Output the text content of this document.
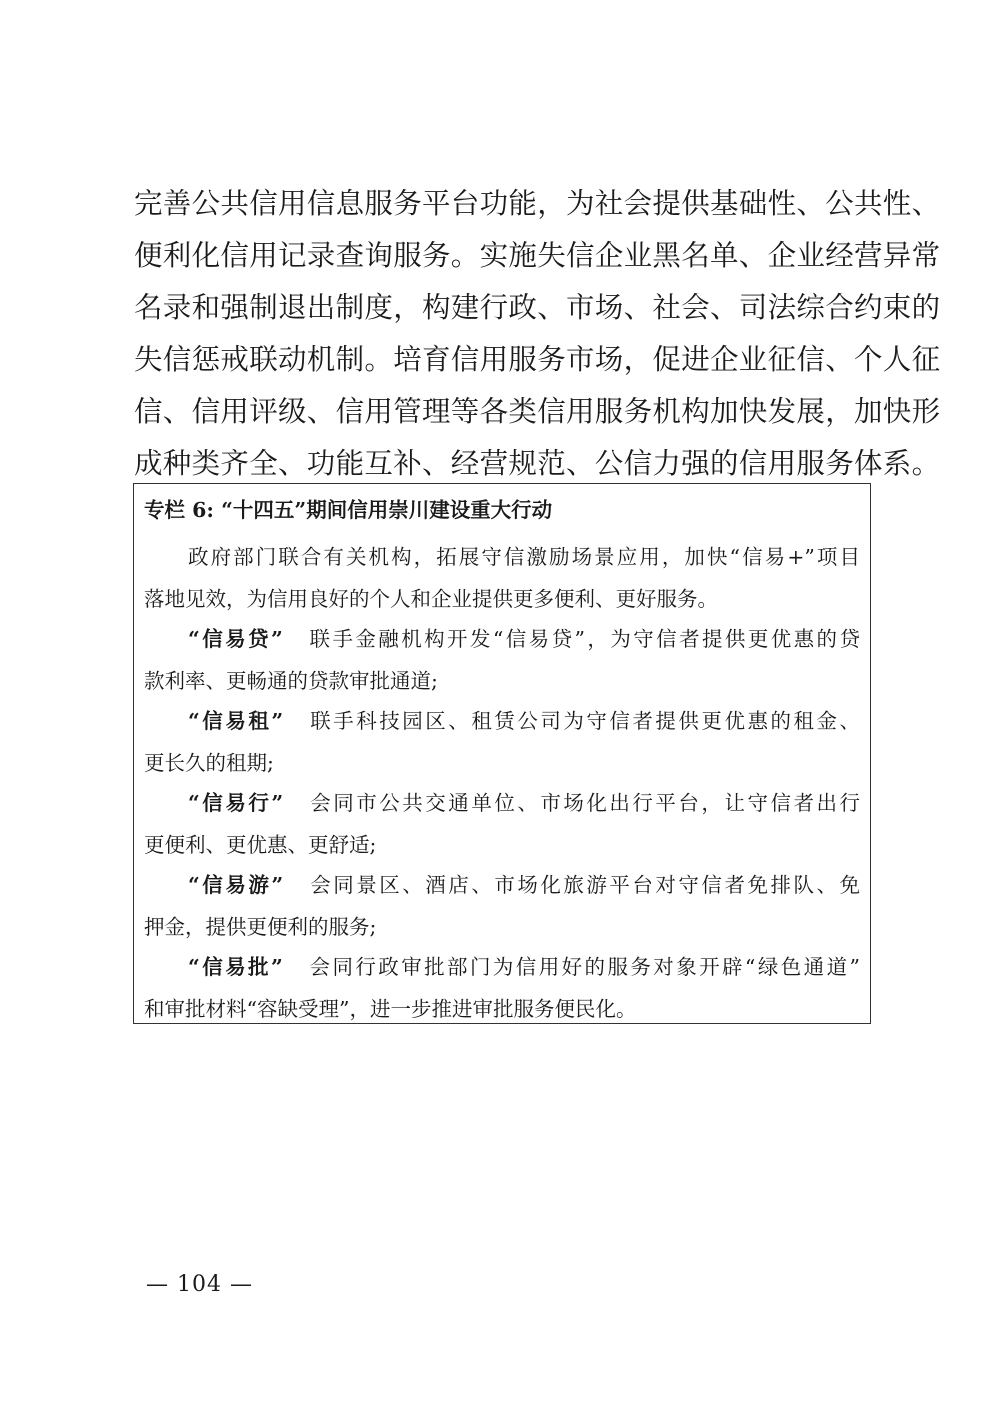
完善公共信用信息服务平台功能，为社会提供基础性、公共性、
便利化信用记录查询服务。实施失信企业黑名单、企业经营异常
名录和强制退出制度，构建行政、市场、社会、司法综合约束的
失信惩戒联动机制。培育信用服务市场，促进企业征信、个人征
信、信用评级、信用管理等各类信用服务机构加快发展，加快形
成种类齐全、功能互补、经营规范、公信力强的信用服务体系。
专栏 6: “十四五”期间信用崇川建设重大行动
政府部门联合有关机构，拓展守信激励场景应用，加快“信易+”项目
落地见效，为信用良好的个人和企业提供更多便利、更好服务。
“信易贷” 联手金融机构开发“信易贷”，为守信者提供更优惠的贷
款利率、更畅通的贷款审批通道;
“信易租” 联手科技园区、租赁公司为守信者提供更优惠的租金、
更长久的租期;
“信易行” 会同市公共交通单位、市场化出行平台，让守信者出行
更便利、更优惠、更舒适;
“信易游” 会同景区、酒店、市场化旅游平台对守信者免排队、免
押金，提供更便利的服务;
“信易批” 会同行政审批部门为信用好的服务对象开辟“绿色通道”
和审批材料“容缺受理”，进一步推进审批服务便民化。
— 104 —
